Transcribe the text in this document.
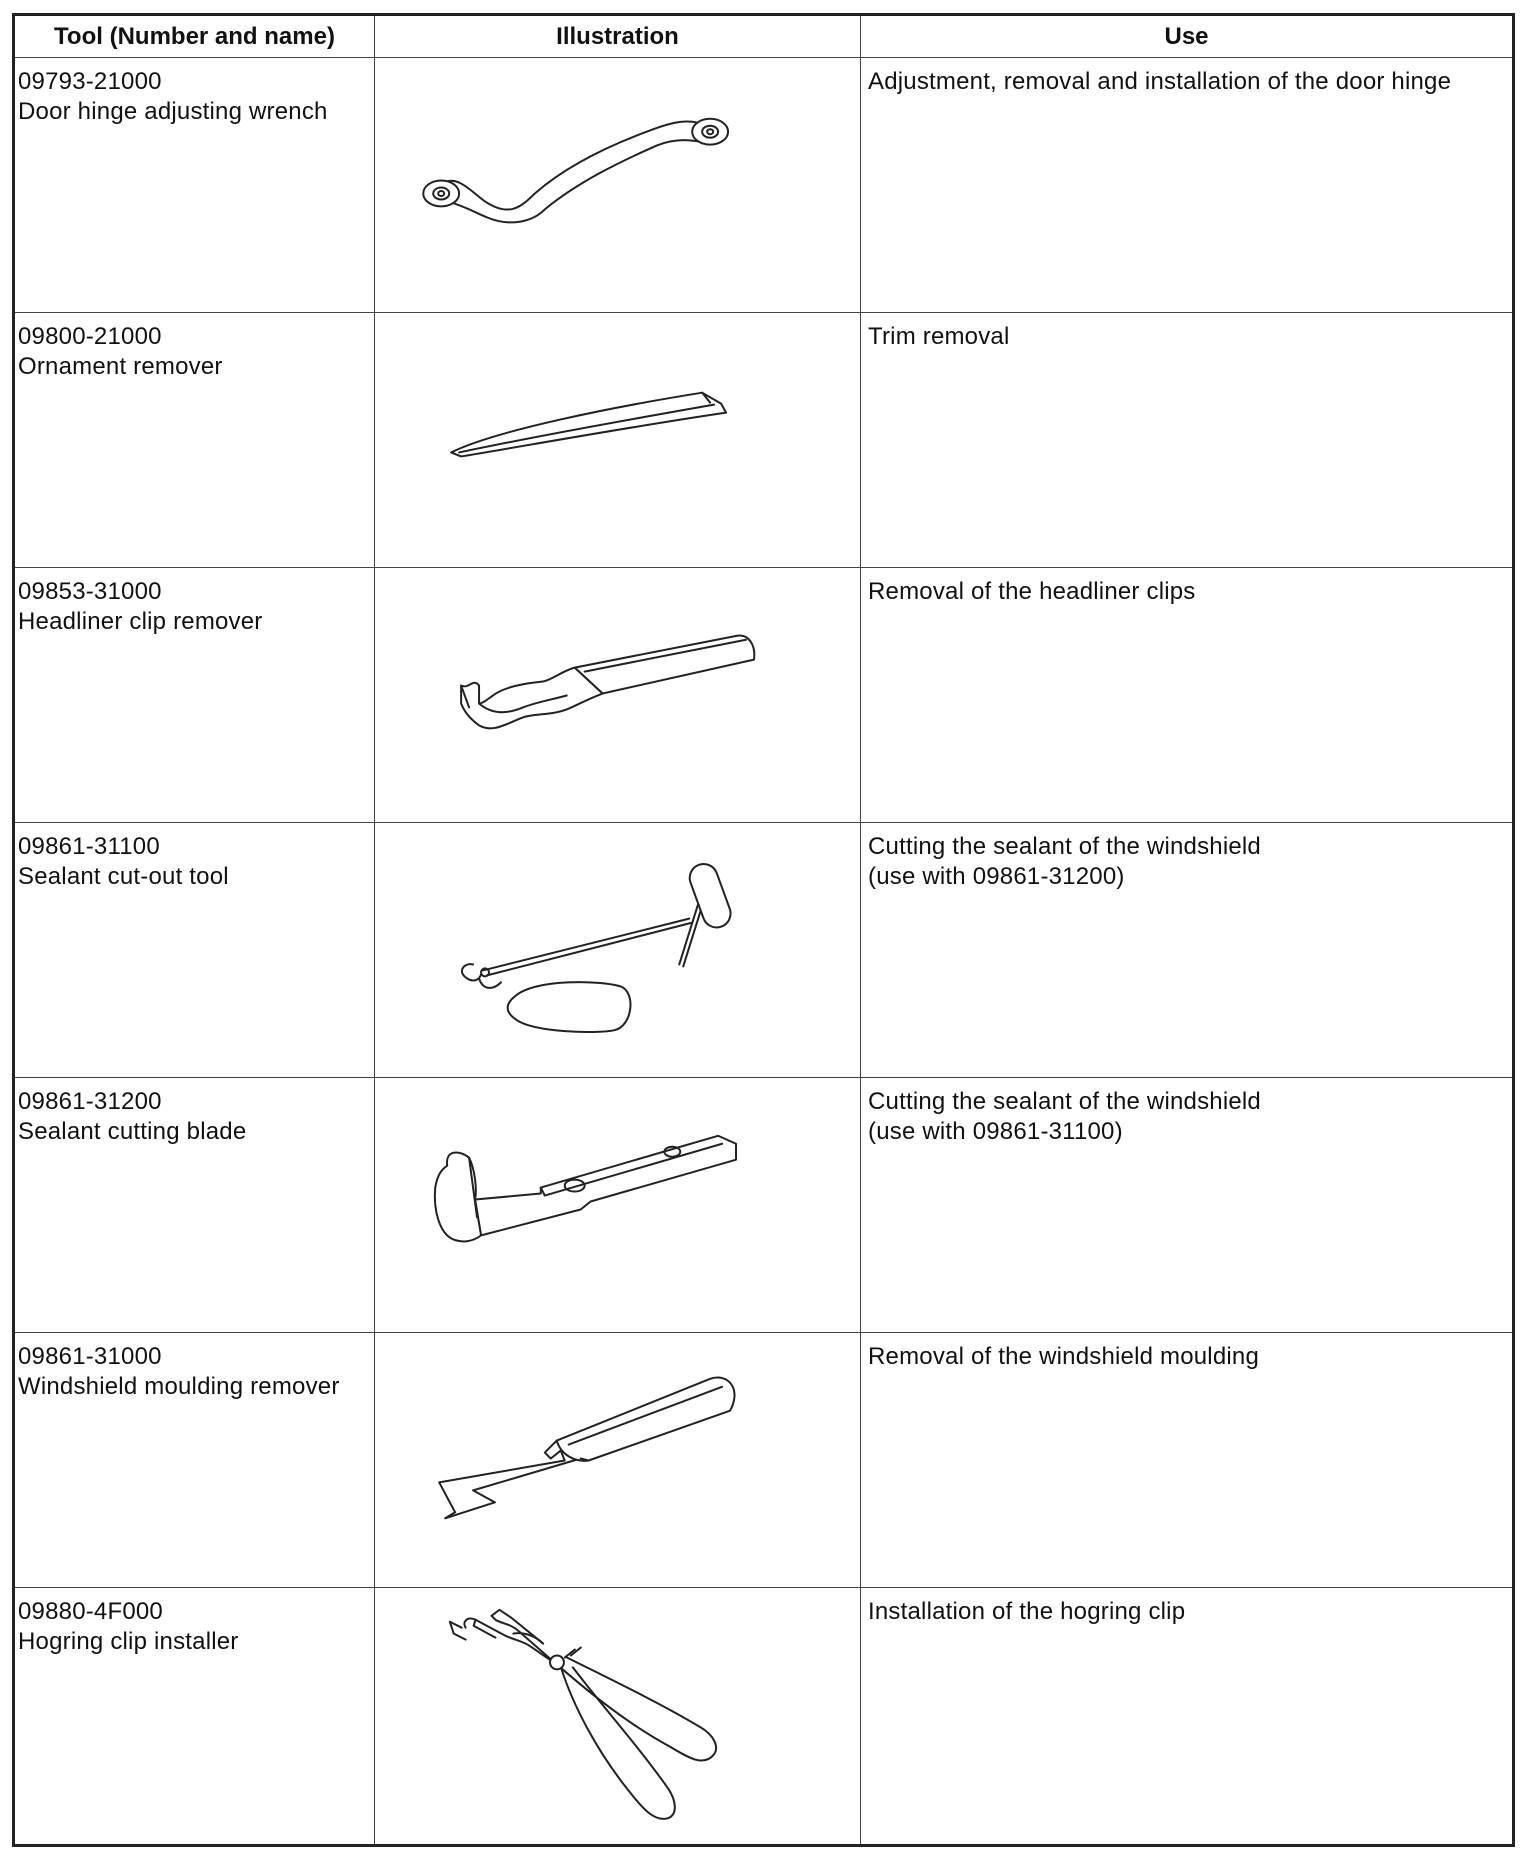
Tool (Number and name)	Illustration	Use

09793-21000
Door hinge adjusting wrench		Adjustment, removal and installation of the door hinge

09800-21000
Ornament remover		Trim removal

09853-31000
Headliner clip remover		Removal of the headliner clips

09861-31100
Sealant cut-out tool		Cutting the sealant of the windshield
(use with 09861-31200)

09861-31200
Sealant cutting blade		Cutting the sealant of the windshield
(use with 09861-31100)

09861-31000
Windshield moulding remover		Removal of the windshield moulding

09880-4F000
Hogring clip installer		Installation of the hogring clip
